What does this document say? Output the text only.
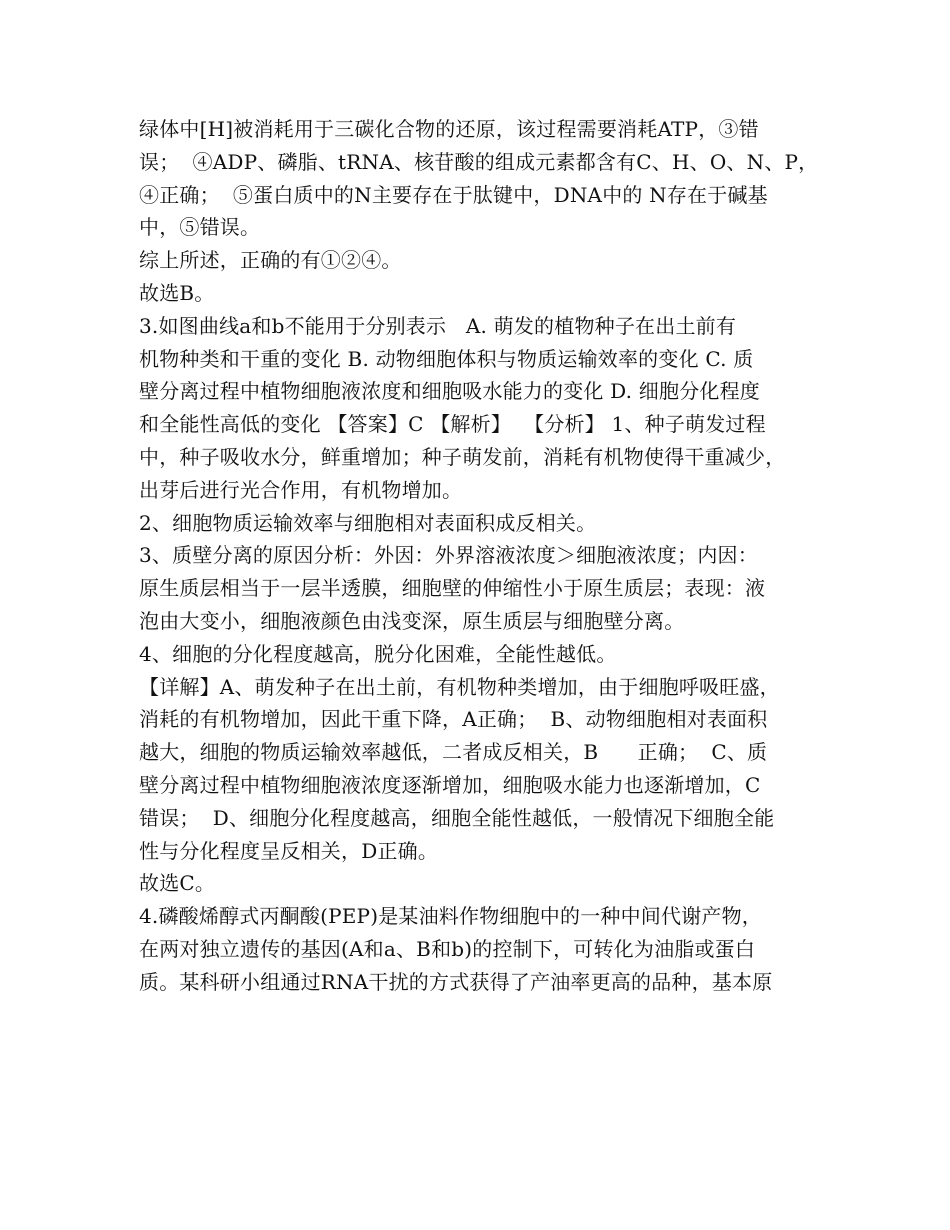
绿体中[H]被消耗用于三碳化合物的还原，该过程需要消耗ATP，③错
误；  ④ADP、磷脂、tRNA、核苷酸的组成元素都含有C、H、O、N、P，
④正确；  ⑤蛋白质中的N主要存在于肽键中，DNA中的 N存在于碱基
中，⑤错误。
综上所述，正确的有①②④。
故选B。
3.如图曲线a和b不能用于分别表示   A. 萌发的植物种子在出土前有
机物种类和干重的变化 B. 动物细胞体积与物质运输效率的变化 C. 质
壁分离过程中植物细胞液浓度和细胞吸水能力的变化 D. 细胞分化程度
和全能性高低的变化 【答案】C 【解析】  【分析】 1、种子萌发过程
中，种子吸收水分，鲜重增加；种子萌发前，消耗有机物使得干重减少，
出芽后进行光合作用，有机物增加。
2、细胞物质运输效率与细胞相对表面积成反相关。
3、质壁分离的原因分析：外因：外界溶液浓度＞细胞液浓度；内因：
原生质层相当于一层半透膜，细胞壁的伸缩性小于原生质层；表现：液
泡由大变小，细胞液颜色由浅变深，原生质层与细胞壁分离。
4、细胞的分化程度越高，脱分化困难，全能性越低。
【详解】A、萌发种子在出土前，有机物种类增加，由于细胞呼吸旺盛，
消耗的有机物增加，因此干重下降，A正确；  B、动物细胞相对表面积
越大，细胞的物质运输效率越低，二者成反相关，B      正确；  C、质
壁分离过程中植物细胞液浓度逐渐增加，细胞吸水能力也逐渐增加，C
错误；  D、细胞分化程度越高，细胞全能性越低，一般情况下细胞全能
性与分化程度呈反相关，D正确。
故选C。
4.磷酸烯醇式丙酮酸(PEP)是某油料作物细胞中的一种中间代谢产物，
在两对独立遗传的基因(A和a、B和b)的控制下，可转化为油脂或蛋白
质。某科研小组通过RNA干扰的方式获得了产油率更高的品种，基本原
